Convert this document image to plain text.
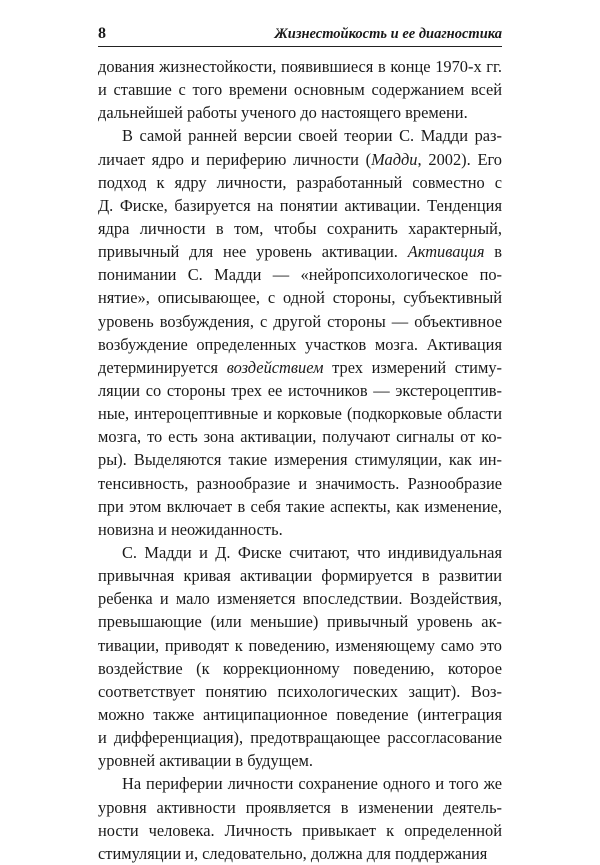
8	Жизнестойкость и ее диагностика
дования жизнестойкости, появившиеся в конце 1970-х гг.
и ставшие с того времени основным содержанием всей
дальнейшей работы ученого до настоящего времени.
В самой ранней версии своей теории С. Мадди раз-
личает ядро и периферию личности (Мадди, 2002). Его
подход к ядру личности, разработанный совместно с
Д. Фиске, базируется на понятии активации. Тенденция
ядра личности в том, чтобы сохранить характерный,
привычный для нее уровень активации. Активация в
понимании С. Мадди — «нейропсихологическое по-
нятие», описывающее, с одной стороны, субъективный
уровень возбуждения, с другой стороны — объективное
возбуждение определенных участков мозга. Активация
детерминируется воздействием трех измерений стиму-
ляции со стороны трех ее источников — экстероцептив-
ные, интероцептивные и корковые (подкорковые области
мозга, то есть зона активации, получают сигналы от ко-
ры). Выделяются такие измерения стимуляции, как ин-
тенсивность, разнообразие и значимость. Разнообразие
при этом включает в себя такие аспекты, как изменение,
новизна и неожиданность.
С. Мадди и Д. Фиске считают, что индивидуальная
привычная кривая активации формируется в развитии
ребенка и мало изменяется впоследствии. Воздействия,
превышающие (или меньшие) привычный уровень ак-
тивации, приводят к поведению, изменяющему само это
воздействие (к коррекционному поведению, которое
соответствует понятию психологических защит). Воз-
можно также антиципационное поведение (интеграция
и дифференциация), предотвращающее рассогласование
уровней активации в будущем.
На периферии личности сохранение одного и того же
уровня активности проявляется в изменении деятель-
ности человека. Личность привыкает к определенной
стимуляции и, следовательно, должна для поддержания
